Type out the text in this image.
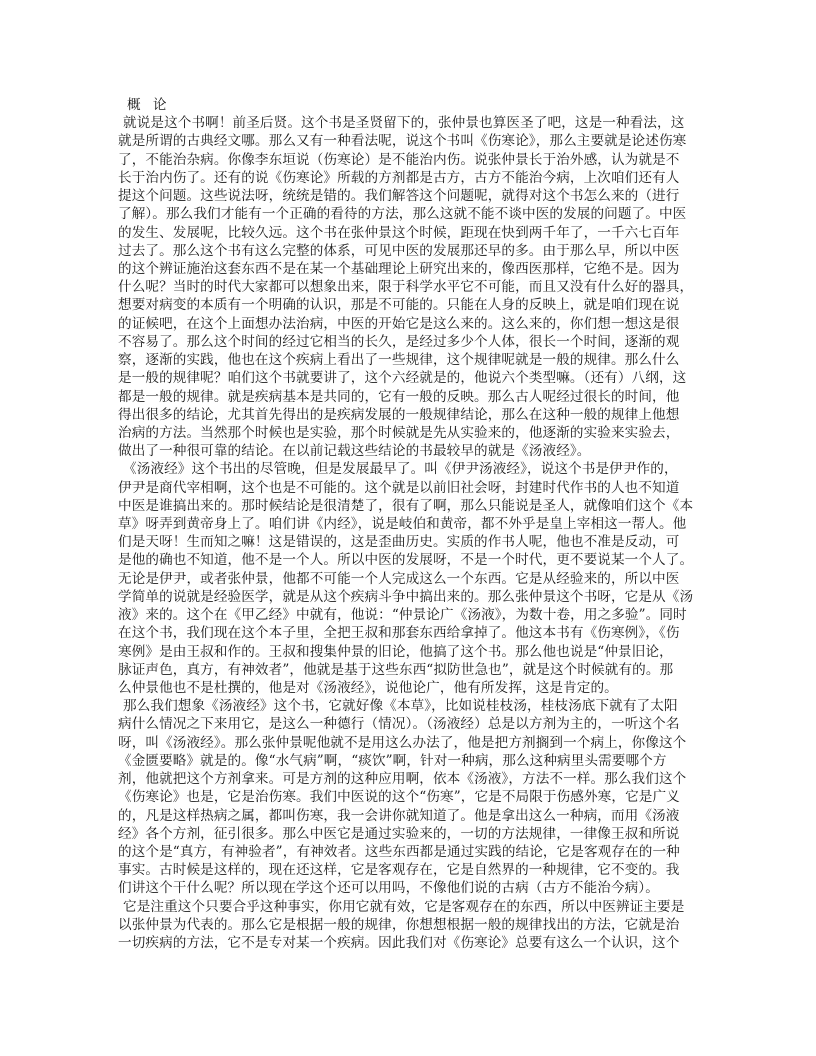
概 论
就说是这个书啊！前圣后贤。这个书是圣贤留下的，张仲景也算医圣了吧，这是一种看法，这
就是所谓的古典经文哪。那么又有一种看法呢，说这个书叫《伤寒论》，那么主要就是论述伤寒
了，不能治杂病。你像李东垣说（伤寒论）是不能治内伤。说张仲景长于治外感，认为就是不
长于治内伤了。还有的说《伤寒论》所载的方剂都是古方，古方不能治今病，上次咱们还有人
提这个问题。这些说法呀，统统是错的。我们解答这个问题呢，就得对这个书怎么来的（进行
了解）。那么我们才能有一个正确的看待的方法，那么这就不能不谈中医的发展的问题了。中医
的发生、发展呢，比较久远。这个书在张仲景这个时候，距现在快到两千年了，一千六七百年
过去了。那么这个书有这么完整的体系，可见中医的发展那还早的多。由于那么早，所以中医
的这个辨证施治这套东西不是在某一个基础理论上研究出来的，像西医那样，它绝不是。因为
什么呢？当时的时代大家都可以想象出来，限于科学水平它不可能，而且又没有什么好的器具，
想要对病变的本质有一个明确的认识，那是不可能的。只能在人身的反映上，就是咱们现在说
的证候吧，在这个上面想办法治病，中医的开始它是这么来的。这么来的，你们想一想这是很
不容易了。那么这个时间的经过它相当的长久，是经过多少个人体，很长一个时间，逐渐的观
察，逐渐的实践，他也在这个疾病上看出了一些规律，这个规律呢就是一般的规律。那么什么
是一般的规律呢？咱们这个书就要讲了，这个六经就是的，他说六个类型嘛。（还有）八纲，这
都是一般的规律。就是疾病基本是共同的，它有一般的反映。那么古人呢经过很长的时间，他
得出很多的结论，尤其首先得出的是疾病发展的一般规律结论，那么在这种一般的规律上他想
治病的方法。当然那个时候也是实验，那个时候就是先从实验来的，他逐渐的实验来实验去，
做出了一种很可靠的结论。在以前记载这些结论的书最较早的就是《汤液经》。
《汤液经》这个书出的尽管晚，但是发展最早了。叫《伊尹汤液经》，说这个书是伊尹作的，
伊尹是商代宰相啊，这个也是不可能的。这个就是以前旧社会呀，封建时代作书的人也不知道
中医是谁搞出来的。那时候结论是很清楚了，很有了啊，那么只能说是圣人，就像咱们这个《本
草》呀弄到黄帝身上了。咱们讲《内经》，说是岐伯和黄帝，都不外乎是皇上宰相这一帮人。他
们是天呀！生而知之嘛！这是错误的，这是歪曲历史。实质的作书人呢，他也不准是反动，可
是他的确也不知道，他不是一个人。所以中医的发展呀，不是一个时代，更不要说某一个人了。
无论是伊尹，或者张仲景，他都不可能一个人完成这么一个东西。它是从经验来的，所以中医
学简单的说就是经验医学，就是从这个疾病斗争中搞出来的。那么张仲景这个书呀，它是从《汤
液》来的。这个在《甲乙经》中就有，他说：“仲景论广《汤液》，为数十卷，用之多验”。同时
在这个书，我们现在这个本子里，全把王叔和那套东西给拿掉了。他这本书有《伤寒例》，《伤
寒例》是由王叔和作的。王叔和搜集仲景的旧论，他搞了这个书。那么他也说是“仲景旧论，
脉证声色，真方，有神效者”，他就是基于这些东西“拟防世急也”，就是这个时候就有的。那
么仲景他也不是杜撰的，他是对《汤液经》，说他论广，他有所发挥，这是肯定的。
那么我们想象《汤液经》这个书，它就好像《本草》，比如说桂枝汤，桂枝汤底下就有了太阳
病什么情况之下来用它，是这么一种德行（情况）。（汤液经）总是以方剂为主的，一听这个名
呀，叫《汤液经》。那么张仲景呢他就不是用这么办法了，他是把方剂搁到一个病上，你像这个
《金匮要略》就是的。像“水气病”啊，“痰饮”啊，针对一种病，那么这种病里头需要哪个方
剂，他就把这个方剂拿来。可是方剂的这种应用啊，依本《汤液》，方法不一样。那么我们这个
《伤寒论》也是，它是治伤寒。我们中医说的这个“伤寒”，它是不局限于伤感外寒，它是广义
的，凡是这样热病之属，都叫伤寒，我一会讲你就知道了。他是拿出这么一种病，而用《汤液
经》各个方剂，征引很多。那么中医它是通过实验来的，一切的方法规律，一律像王叔和所说
的这个是“真方，有神验者”，有神效者。这些东西都是通过实践的结论，它是客观存在的一种
事实。古时候是这样的，现在还这样，它是客观存在，它是自然界的一种规律，它不变的。我
们讲这个干什么呢？所以现在学这个还可以用吗，不像他们说的古病（古方不能治今病）。
它是注重这个只要合乎这种事实，你用它就有效，它是客观存在的东西，所以中医辨证主要是
以张仲景为代表的。那么它是根据一般的规律，你想想根据一般的规律找出的方法，它就是治
一切疾病的方法，它不是专对某一个疾病。因此我们对《伤寒论》总要有这么一个认识，这个
